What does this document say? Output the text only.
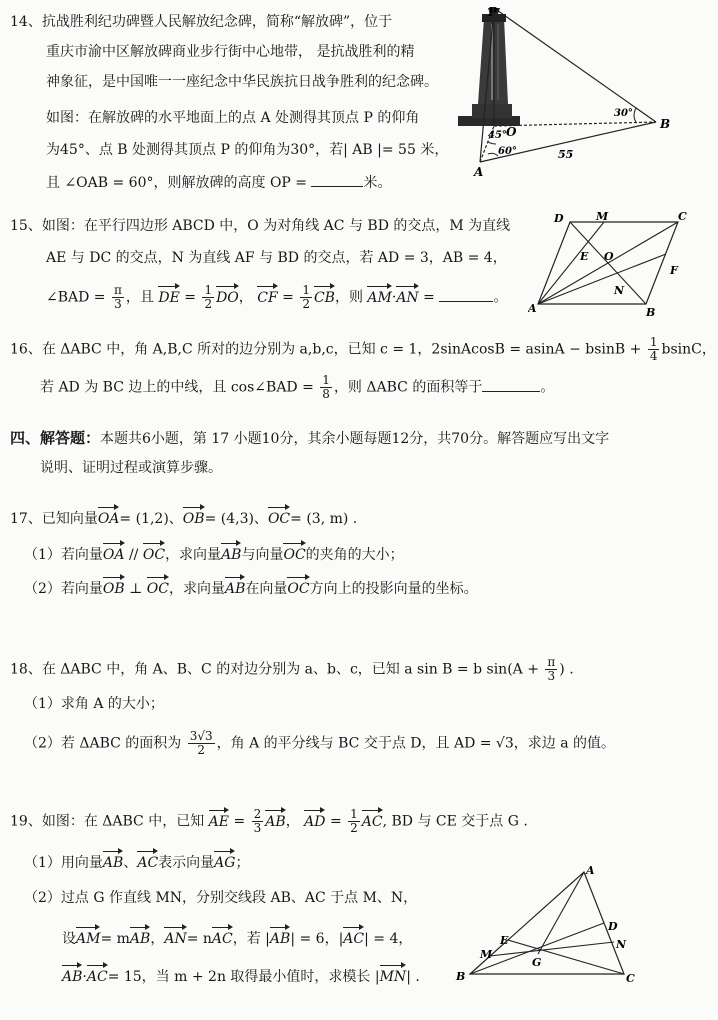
14、抗战胜利纪功碑暨人民解放纪念碑，简称“解放碑”，位于
重庆市渝中区解放碑商业步行街中心地带， 是抗战胜利的精
神象征，是中国唯一一座纪念中华民族抗日战争胜利的纪念碑。
如图：在解放碑的水平地面上的点 A 处测得其顶点 P 的仰角
为45°、点 B 处测得其顶点 P 的仰角为30°，若| AB |= 55 米，
且 ∠OAB = 60°，则解放碑的高度 OP =	米。
P
O
A
B
45°
60°
30°
55
15、如图：在平行四边形 ABCD 中，O 为对角线 AC 与 BD 的交点，M 为直线
AE 与 DC 的交点，N 为直线 AF 与 BD 的交点，若 AD = 3，AB = 4，
∠BAD = $\frac{\pi}{3}$ ，且 DE = $\frac{1}{2}$ DO， CF = $\frac{1}{2}$ CB，则 AM·AN =	。
D	M	C
E O
F
N
A	B
16、在 ΔABC 中，角 A,B,C 所对的边分别为 a,b,c，已知 c = 1，2sinAcosB = $asinA - bsinB + \frac{1}{4}$ bsinC，
若 AD 为 BC 边上的中线，且 cos∠BAD = $\frac{1}{8}$ ，则 ΔABC 的面积等于	。
四、解答题：本题共6小题，第 17 小题10分，其余小题每题12分，共70分。解答题应写出文字
说明、证明过程或演算步骤。
17、已知向量OA= (1,2)、OB= (4,3)、OC= (3, m) .
（1）若向量OA // OC，求向量AB与向量OC的夹角的大小；
（2）若向量OB ⊥ OC，求向量AB在向量OC方向上的投影向量的坐标。
18、在 ΔABC 中，角 A、B、C 的对边分别为 a、b、c，已知 a sin B = b $\sin(A + \frac{\pi}{3}$ ) .
（1）求角 A 的大小；
（2）若 ΔABC 的面积为 $\frac{3√3}{2}$ ，角 A 的平分线与 BC 交于点 D，且 AD = √3，求边 a 的值。
19、如图：在 ΔABC 中，已知 AE = $\frac{2}{3}$ AB， AD = $\frac{1}{2}$ AC, BD 与 CE 交于点 G .
（1）用向量AB、AC表示向量AG；
（2）过点 G 作直线 MN，分别交线段 AB、AC 于点 M、N，
设AM= mAB，AN= nAC，若 |AB| = 6，|AC| = 4，
AB·AC= 15，当 m + 2n 取得最小值时，求模长 |MN| .
A
B	C
D
E
G
M
N
